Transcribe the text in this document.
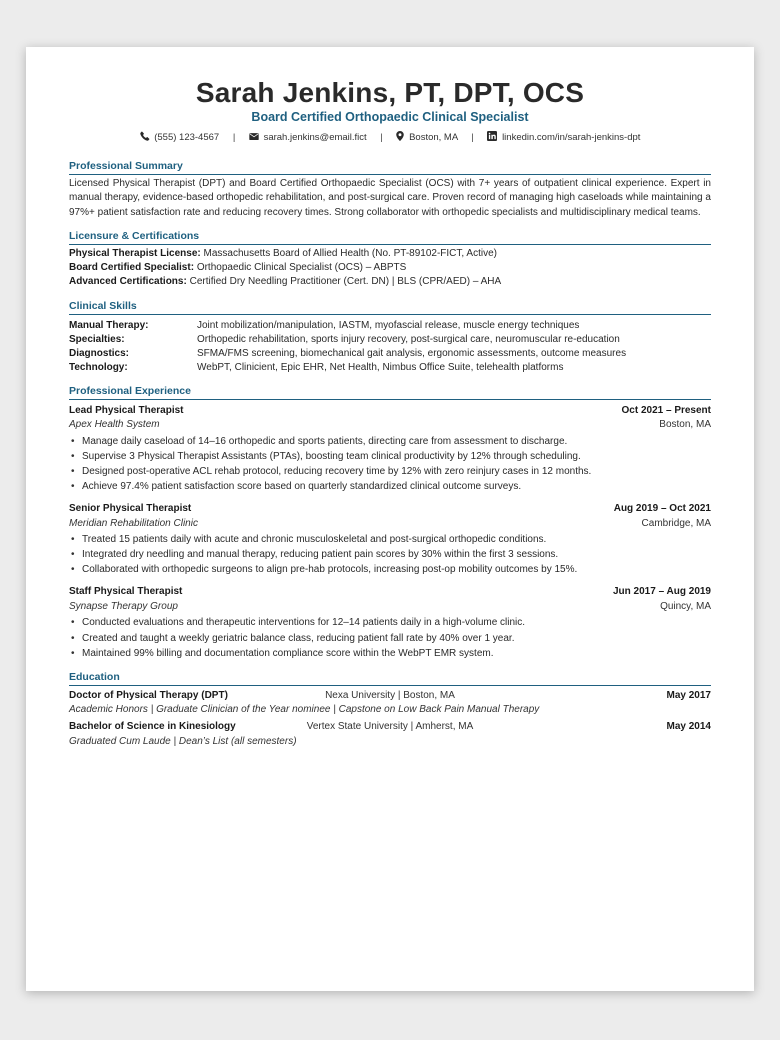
Sarah Jenkins, PT, DPT, OCS
Board Certified Orthopaedic Clinical Specialist
(555) 123-4567 |	sarah.jenkins@email.fict |	Boston, MA |	linkedin.com/in/sarah-jenkins-dpt
Professional Summary
Licensed Physical Therapist (DPT) and Board Certified Orthopaedic Specialist (OCS) with 7+ years of outpatient clinical experience. Expert in manual therapy, evidence-based orthopedic rehabilitation, and post-surgical care. Proven record of managing high caseloads while maintaining a 97%+ patient satisfaction rate and reducing recovery times. Strong collaborator with orthopedic specialists and multidisciplinary medical teams.
Licensure & Certifications
Physical Therapist License: Massachusetts Board of Allied Health (No. PT-89102-FICT, Active)
Board Certified Specialist: Orthopaedic Clinical Specialist (OCS) – ABPTS
Advanced Certifications: Certified Dry Needling Practitioner (Cert. DN) | BLS (CPR/AED) – AHA
Clinical Skills
Manual Therapy:	Joint mobilization/manipulation, IASTM, myofascial release, muscle energy techniques
Specialties:	Orthopedic rehabilitation, sports injury recovery, post-surgical care, neuromuscular re-education
Diagnostics:	SFMA/FMS screening, biomechanical gait analysis, ergonomic assessments, outcome measures
Technology:	WebPT, Clinicient, Epic EHR, Net Health, Nimbus Office Suite, telehealth platforms
Professional Experience
Lead Physical Therapist	Oct 2021 – Present
Apex Health System	Boston, MA
• Manage daily caseload of 14–16 orthopedic and sports patients, directing care from assessment to discharge.
• Supervise 3 Physical Therapist Assistants (PTAs), boosting team clinical productivity by 12% through scheduling.
• Designed post-operative ACL rehab protocol, reducing recovery time by 12% with zero reinjury cases in 12 months.
• Achieve 97.4% patient satisfaction score based on quarterly standardized clinical outcome surveys.
Senior Physical Therapist	Aug 2019 – Oct 2021
Meridian Rehabilitation Clinic	Cambridge, MA
• Treated 15 patients daily with acute and chronic musculoskeletal and post-surgical orthopedic conditions.
• Integrated dry needling and manual therapy, reducing patient pain scores by 30% within the first 3 sessions.
• Collaborated with orthopedic surgeons to align pre-hab protocols, increasing post-op mobility outcomes by 15%.
Staff Physical Therapist	Jun 2017 – Aug 2019
Synapse Therapy Group	Quincy, MA
• Conducted evaluations and therapeutic interventions for 12–14 patients daily in a high-volume clinic.
• Created and taught a weekly geriatric balance class, reducing patient fall rate by 40% over 1 year.
• Maintained 99% billing and documentation compliance score within the WebPT EMR system.
Education
Doctor of Physical Therapy (DPT)	Nexa University | Boston, MA	May 2017
Academic Honors | Graduate Clinician of the Year nominee | Capstone on Low Back Pain Manual Therapy
Bachelor of Science in Kinesiology	Vertex State University | Amherst, MA	May 2014
Graduated Cum Laude | Dean’s List (all semesters)
